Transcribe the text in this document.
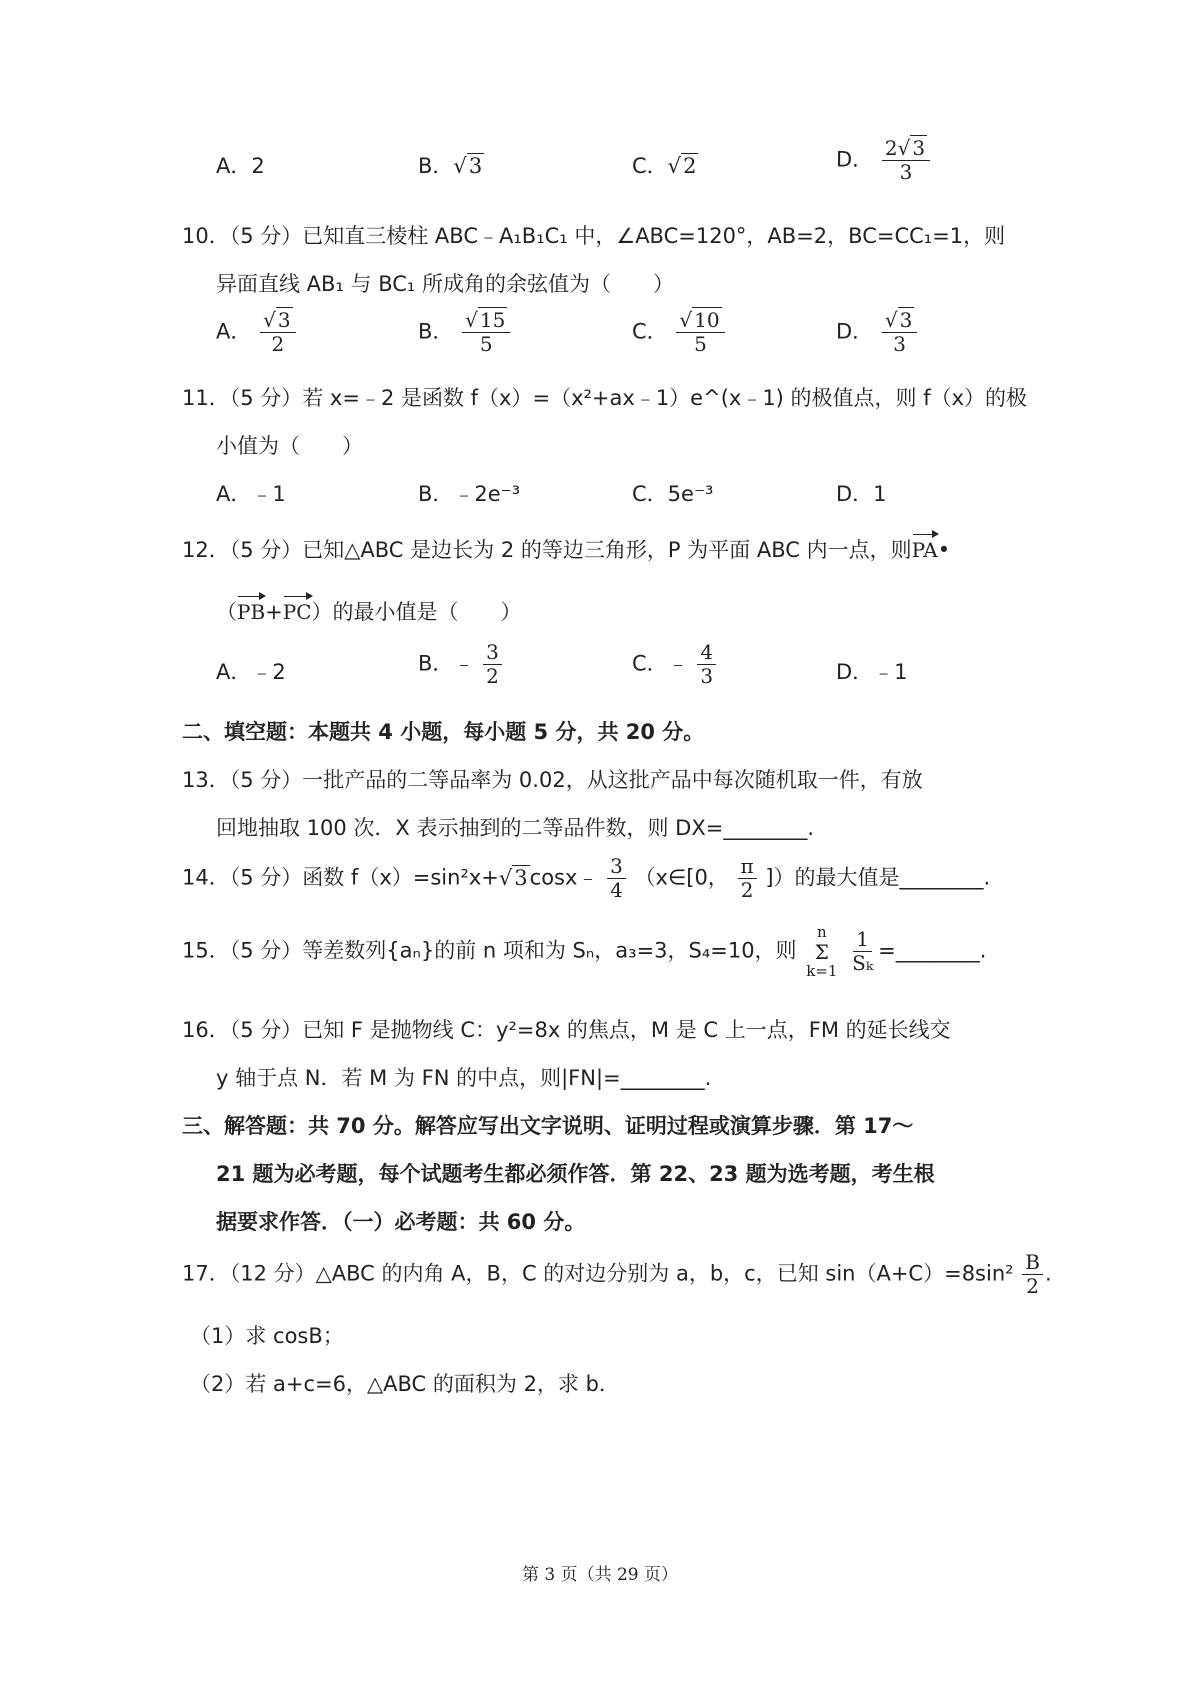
A．2	B．√3	C．√2	D． $\frac{2√ 3}{3}$
10．（5 分）已知直三棱柱 ABC﹣A₁B₁C₁ 中，∠ABC=120°，AB=2，BC=CC₁=1，则
异面直线 AB₁ 与 BC₁ 所成角的余弦值为（　　）
A． $\frac{√ 3}{2}$	B． $\frac{√ 15}{5}$	C． $\frac{√ 10}{5}$	D． $\frac{√ 3}{3}$
11．（5 分）若 x=﹣2 是函数 f（x）=（x²+ax﹣1）e^(x﹣1) 的极值点，则 f（x）的极
小值为（　　）
A．﹣1	B．﹣2e⁻³	C．5e⁻³	D．1
12．（5 分）已知△ABC 是边长为 2 的等边三角形，P 为平面 ABC 内一点，则PA•
（PB+PC）的最小值是（　　）
A．﹣2	B．﹣ $\frac{3}{2}$	C．﹣ $\frac{4}{3}$	D．﹣1
二、填空题：本题共 4 小题，每小题 5 分，共 20 分。
13．（5 分）一批产品的二等品率为 0.02，从这批产品中每次随机取一件，有放
回地抽取 100 次．X 表示抽到的二等品件数，则 DX=________.
14．（5 分）函数 f（x）=sin²x+√3cosx﹣ $\frac{3}{4}$ （x∈[0， $\frac{\pi}{2}$ ]）的最大值是________.
15．（5 分）等差数列{aₙ}的前 n 项和为 Sₙ，a₃=3，S₄=10，则
n
Σ
k=1
$\frac{1}{\text{Sₖ}}$ =________.
16．（5 分）已知 F 是抛物线 C：y²=8x 的焦点，M 是 C 上一点，FM 的延长线交
y 轴于点 N．若 M 为 FN 的中点，则|FN|=________.
三、解答题：共 70 分。解答应写出文字说明、证明过程或演算步骤．第 17～
21 题为必考题，每个试题考生都必须作答．第 22、23 题为选考题，考生根
据要求作答．（一）必考题：共 60 分。
17．（12 分）△ABC 的内角 A，B，C 的对边分别为 a，b，c，已知 $\sin(A+C)=8\sin^2 \frac{B}{2}$ .
（1）求 cosB；
（2）若 a+c=6，△ABC 的面积为 2，求 b．
第 3 页（共 29 页）
